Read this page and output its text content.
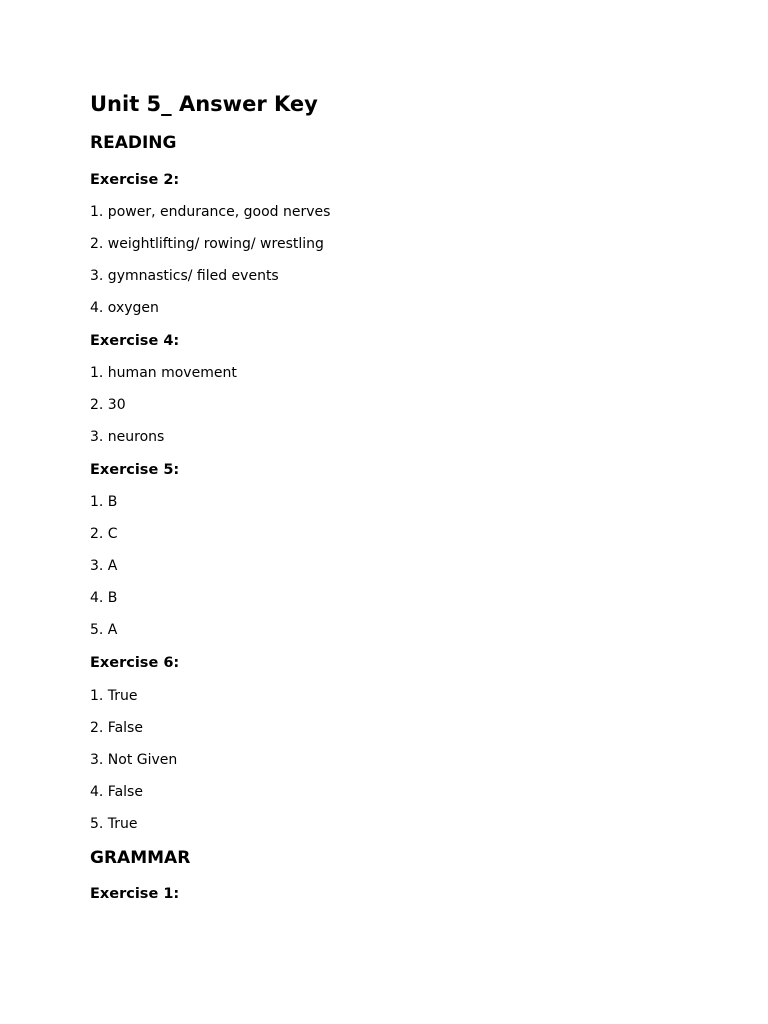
Unit 5_ Answer Key
READING
Exercise 2:

1. power, endurance, good nerves

2. weightlifting/ rowing/ wrestling

3. gymnastics/ filed events

4. oxygen

Exercise 4:

1. human movement

2. 30

3. neurons

Exercise 5:

1. B

2. C

3. A

4. B

5. A

Exercise 6:

1. True

2. False

3. Not Given

4. False

5. True

GRAMMAR
Exercise 1:
